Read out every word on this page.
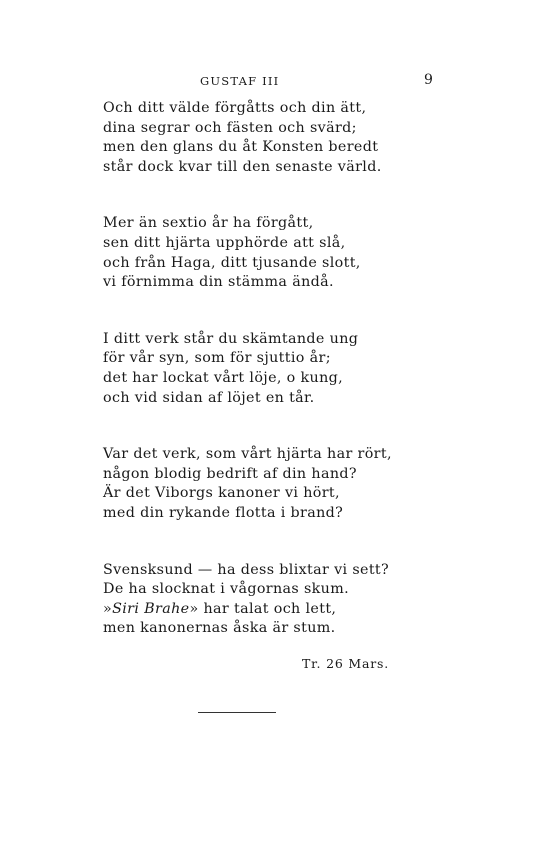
GUSTAF III	9
Och ditt välde förgåtts och din ätt,
dina segrar och fästen och svärd;
men den glans du åt Konsten beredt
står dock kvar till den senaste värld.
Mer än sextio år ha förgått,
sen ditt hjärta upphörde att slå,
och från Haga, ditt tjusande slott,
vi förnimma din stämma ändå.
I ditt verk står du skämtande ung
för vår syn, som för sjuttio år;
det har lockat vårt löje, o kung,
och vid sidan af löjet en tår.
Var det verk, som vårt hjärta har rört,
någon blodig bedrift af din hand?
Är det Viborgs kanoner vi hört,
med din rykande flotta i brand?
Svensksund — ha dess blixtar vi sett?
De ha slocknat i vågornas skum.
»Siri Brahe» har talat och lett,
men kanonernas åska är stum.
Tr. 26 Mars.
